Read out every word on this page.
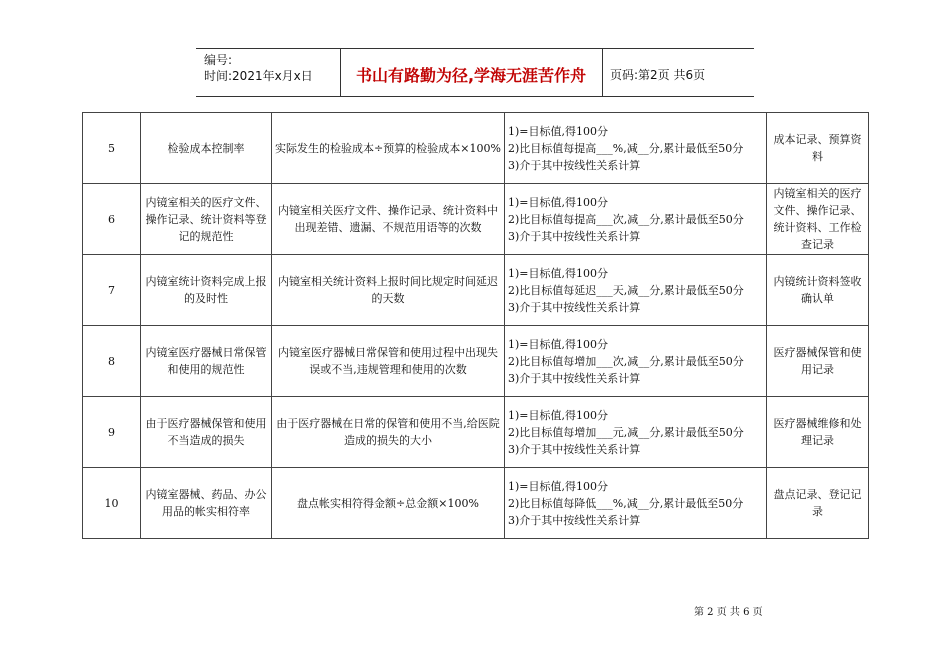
编号:
时间:2021年x月x日	书山有路勤为径,学海无涯苦作舟	页码:第2页 共6页
5	检验成本控制率	实际发生的检验成本÷预算的检验成本×100%	1)=目标值,得100分
2)比目标值每提高___%,减__分,累计最低至50分
3)介于其中按线性关系计算	成本记录、预算资料
6	内镜室相关的医疗文件、操作记录、统计资料等登记的规范性	内镜室相关医疗文件、操作记录、统计资料中出现差错、遗漏、不规范用语等的次数	1)=目标值,得100分
2)比目标值每提高___次,减__分,累计最低至50分
3)介于其中按线性关系计算	内镜室相关的医疗文件、操作记录、统计资料、工作检查记录
7	内镜室统计资料完成上报的及时性	内镜室相关统计资料上报时间比规定时间延迟的天数	1)=目标值,得100分
2)比目标值每延迟___天,减__分,累计最低至50分
3)介于其中按线性关系计算	内镜统计资料签收确认单
8	内镜室医疗器械日常保管和使用的规范性	内镜室医疗器械日常保管和使用过程中出现失误或不当,违规管理和使用的次数	1)=目标值,得100分
2)比目标值每增加___次,减__分,累计最低至50分
3)介于其中按线性关系计算	医疗器械保管和使用记录
9	由于医疗器械保管和使用不当造成的损失	由于医疗器械在日常的保管和使用不当,给医院造成的损失的大小	1)=目标值,得100分
2)比目标值每增加___元,减__分,累计最低至50分
3)介于其中按线性关系计算	医疗器械维修和处理记录
10	内镜室器械、药品、办公用品的帐实相符率	盘点帐实相符得金额÷总金额×100%	1)=目标值,得100分
2)比目标值每降低___%,减__分,累计最低至50分
3)介于其中按线性关系计算	盘点记录、登记记录
第 2 页 共 6 页
